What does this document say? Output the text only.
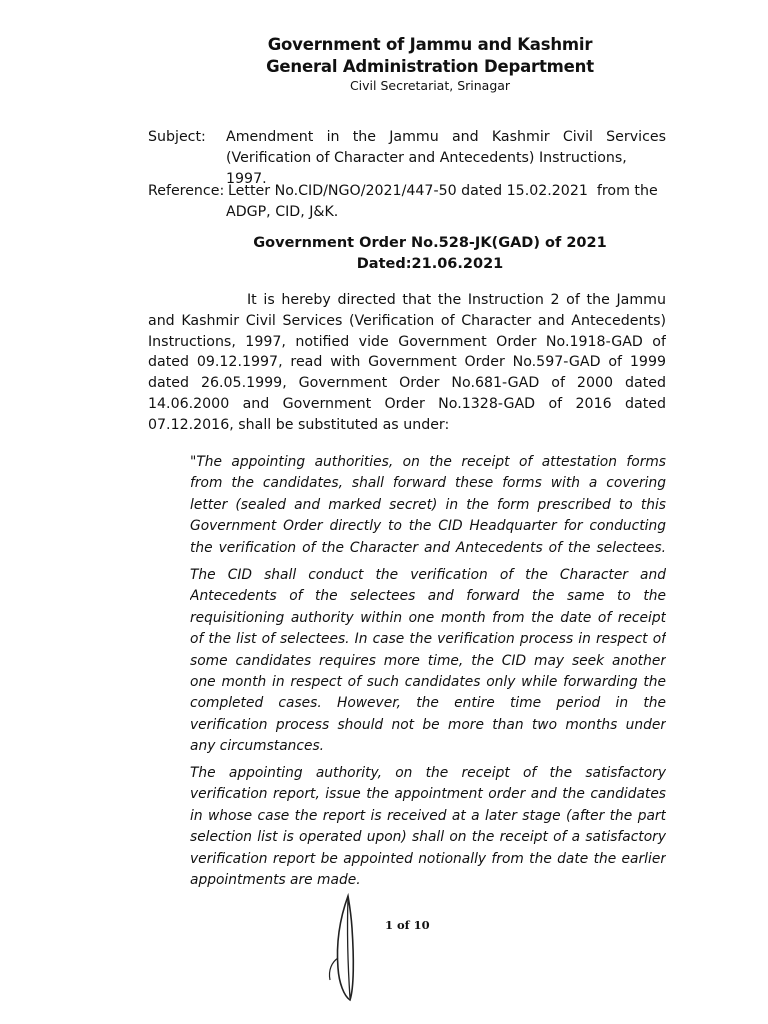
Government of Jammu and Kashmir
General Administration Department
Civil Secretariat, Srinagar
Subject: Amendment in the Jammu and Kashmir Civil Services
(Verification of Character and Antecedents) Instructions, 1997.
Reference: Letter No.CID/NGO/2021/447-50 dated 15.02.2021  from the
ADGP, CID, J&K.
Government Order No.528-JK(GAD) of 2021
Dated:21.06.2021
It is hereby directed that the Instruction 2 of the Jammu
and Kashmir Civil Services (Verification of Character and Antecedents)
Instructions, 1997, notified vide Government Order No.1918-GAD of
dated 09.12.1997, read with Government Order No.597-GAD of 1999
dated 26.05.1999, Government Order No.681-GAD of 2000 dated
14.06.2000 and Government Order No.1328-GAD of 2016 dated
07.12.2016, shall be substituted as under:
"The appointing authorities, on the receipt of attestation forms
from the candidates, shall forward these forms with a covering
letter (sealed and marked secret) in the form prescribed to this
Government Order directly to the CID Headquarter for conducting
the verification of the Character and Antecedents of the selectees.
The CID shall conduct the verification of the Character and
Antecedents of the selectees and forward the same to the
requisitioning authority within one month from the date of receipt
of the list of selectees. In case the verification process in respect of
some candidates requires more time, the CID may seek another
one month in respect of such candidates only while forwarding the
completed cases. However, the entire time period in the
verification process should not be more than two months under
any circumstances.
The appointing authority, on the receipt of the satisfactory
verification report, issue the appointment order and the candidates
in whose case the report is received at a later stage (after the part
selection list is operated upon) shall on the receipt of a satisfactory
verification report be appointed notionally from the date the earlier
appointments are made.
1 of 10
